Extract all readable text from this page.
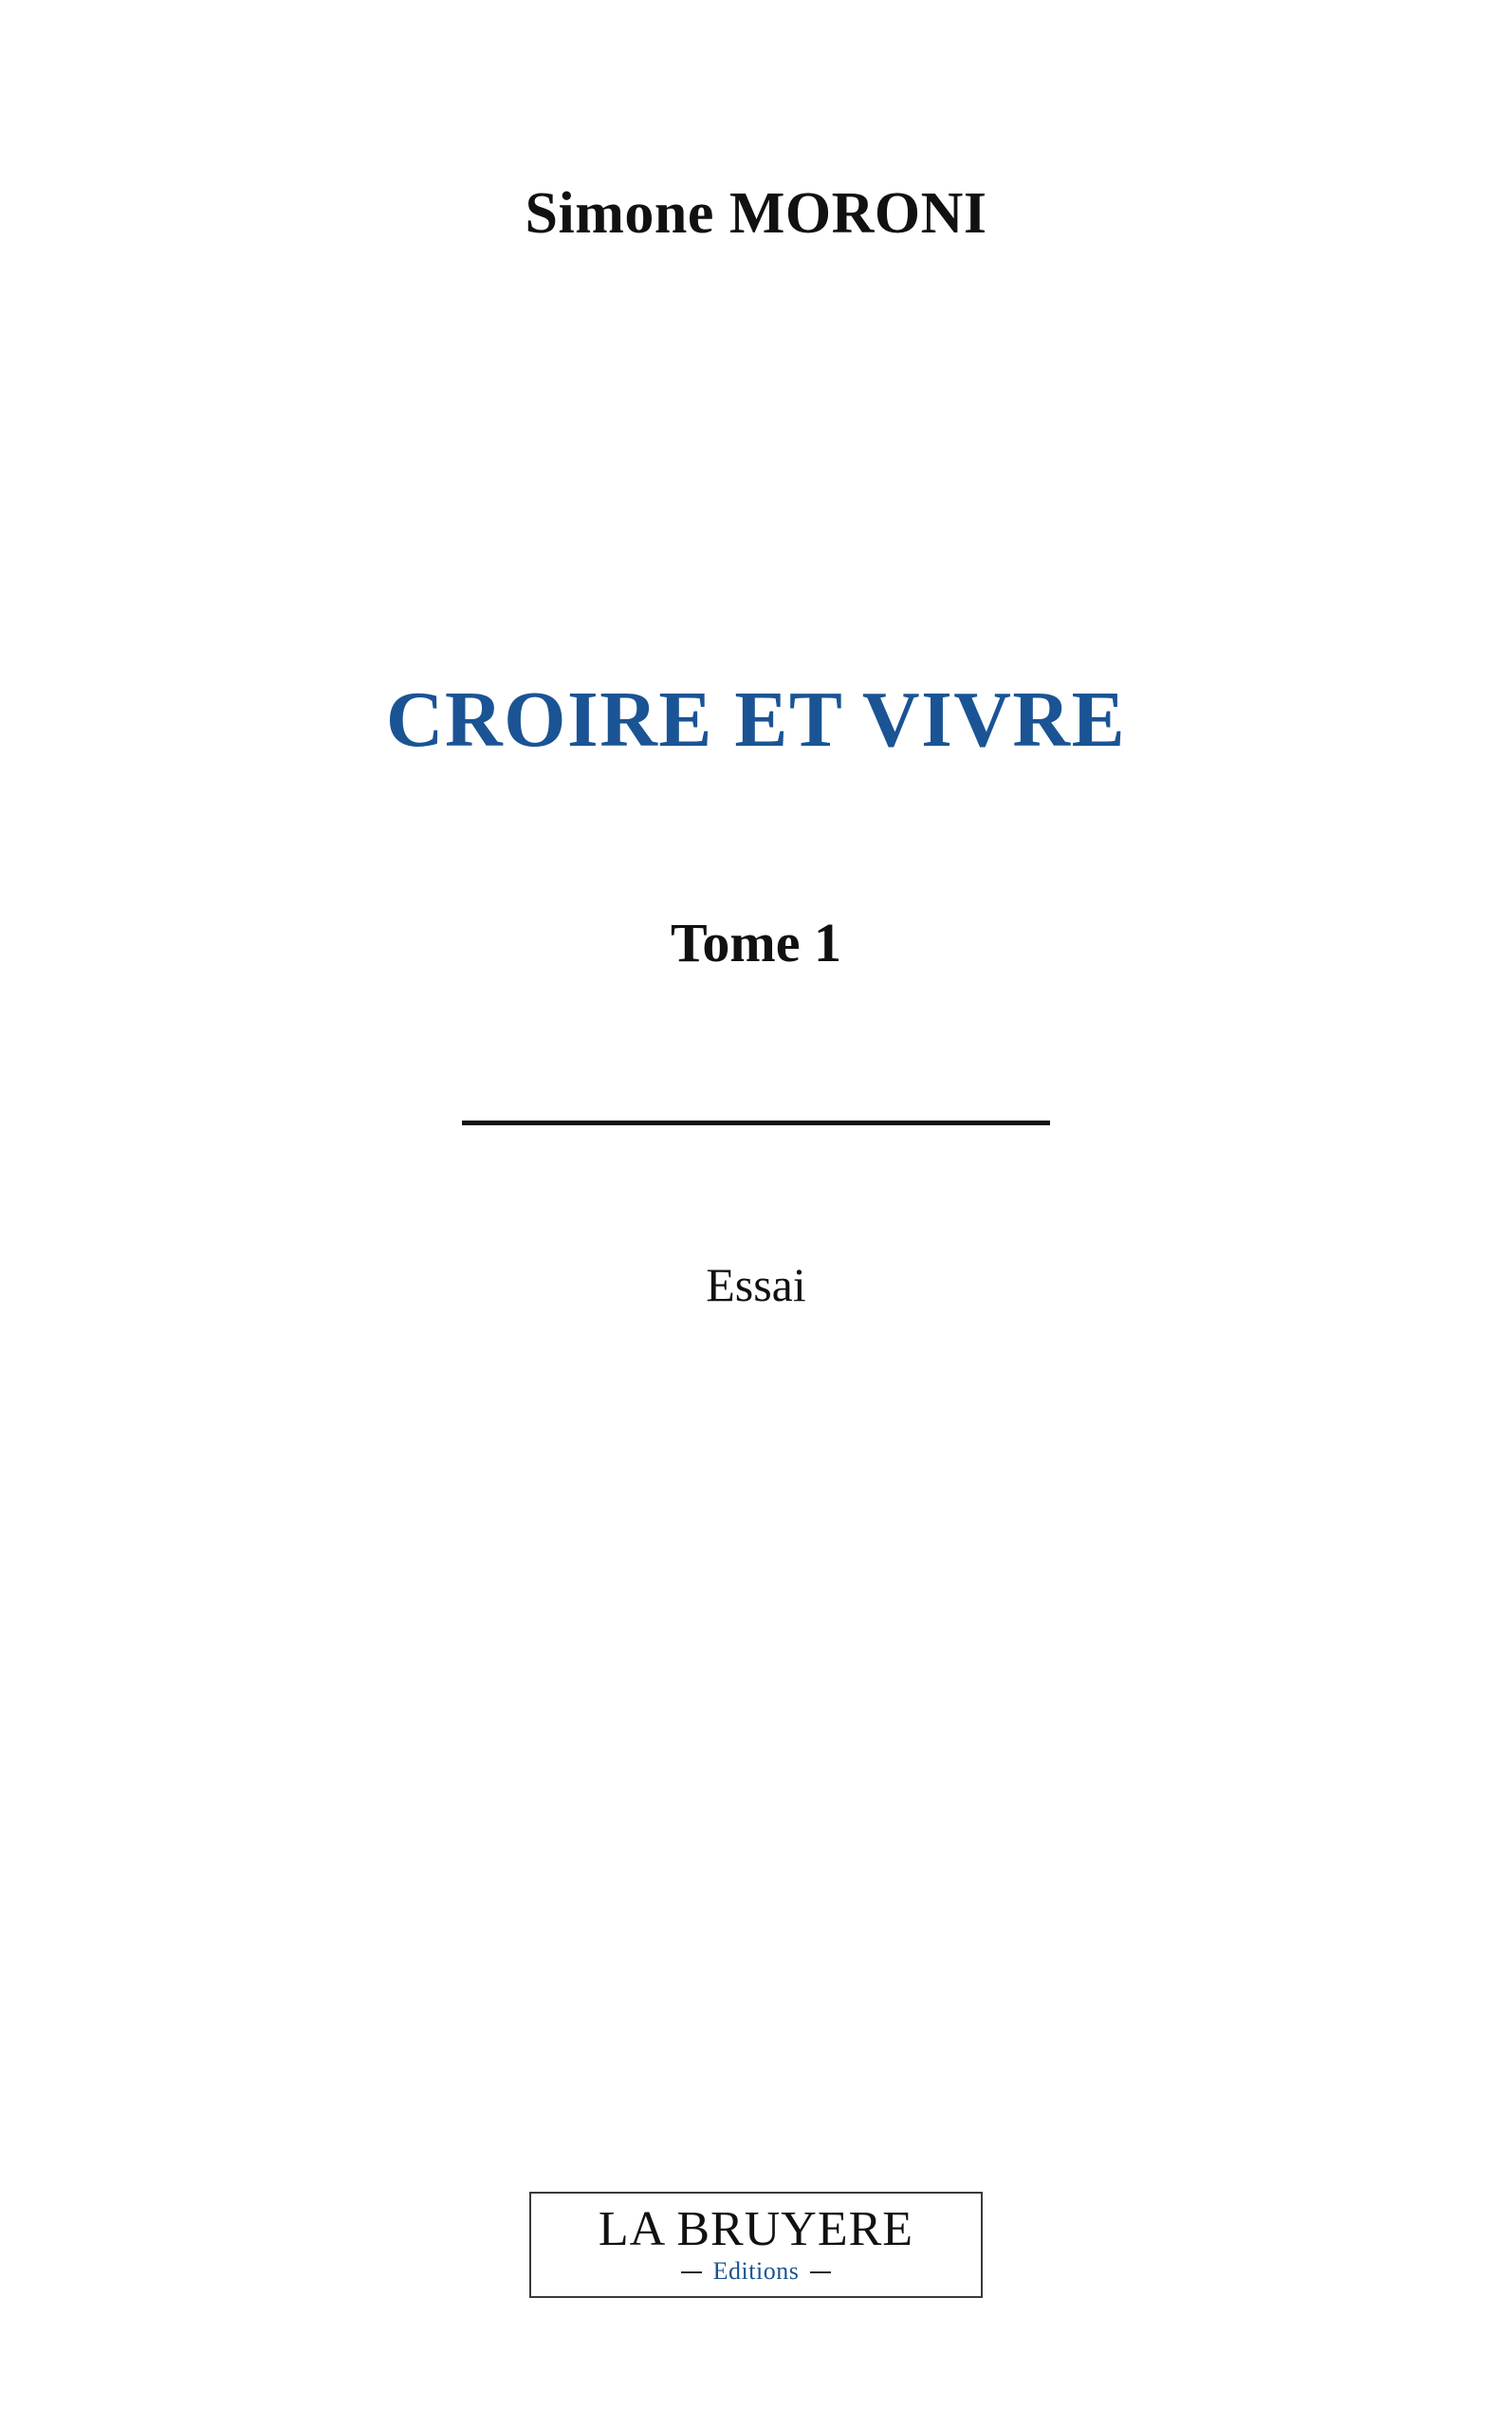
Simone MORONI
CROIRE ET VIVRE
Tome 1
Essai
LA BRUYERE
Editions
